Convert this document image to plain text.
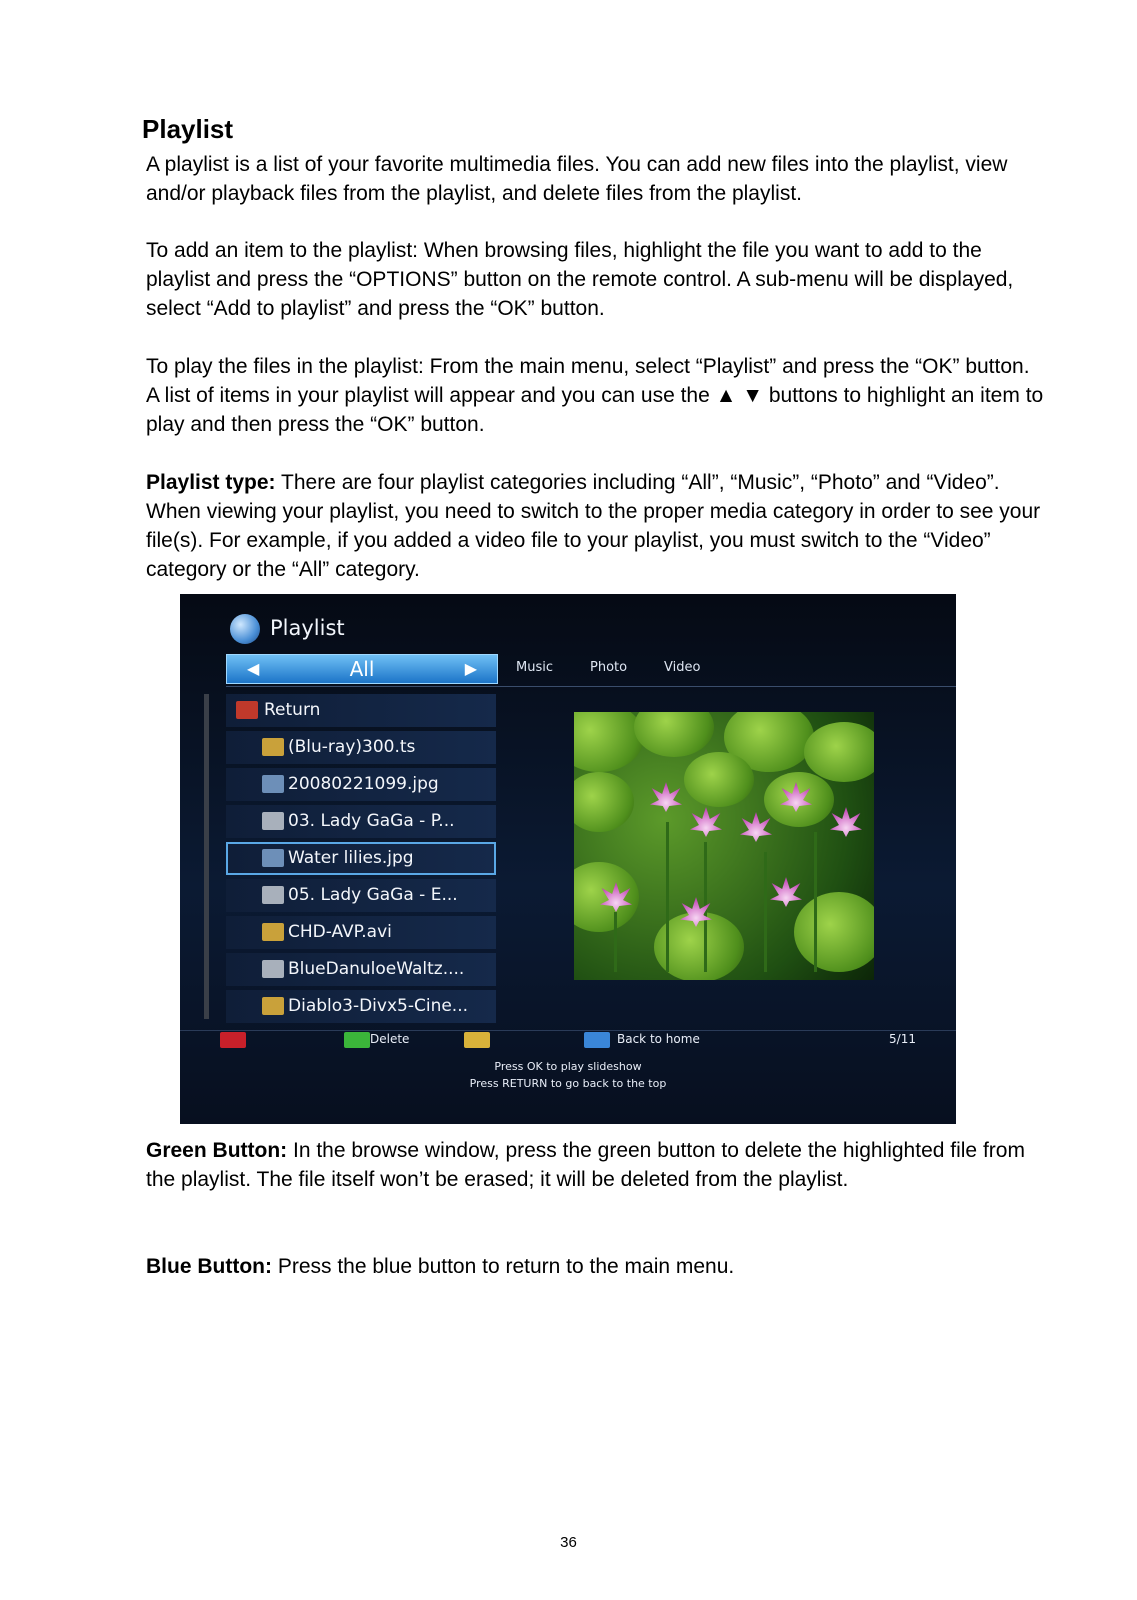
Playlist

A playlist is a list of your favorite multimedia files. You can add new files into the playlist, view and/or playback files from the playlist, and delete files from the playlist.

To add an item to the playlist: When browsing files, highlight the file you want to add to the playlist and press the “OPTIONS” button on the remote control. A sub-menu will be displayed, select “Add to playlist” and press the “OK” button.

To play the files in the playlist: From the main menu, select “Playlist” and press the “OK” button. A list of items in your playlist will appear and you can use the ▲ ▼ buttons to highlight an item to play and then press the “OK” button.

Playlist type: There are four playlist categories including “All”, “Music”, “Photo” and “Video”. When viewing your playlist, you need to switch to the proper media category in order to see your file(s). For example, if you added a video file to your playlist, you must switch to the “Video” category or the “All” category.

Playlist
◀	All	▶	Music	Photo	Video
Return
(Blu-ray)300.ts
20080221099.jpg
03. Lady GaGa - P...
Water lilies.jpg
05. Lady GaGa - E...
CHD-AVP.avi
BlueDanuloeWaltz....
Diablo3-Divx5-Cine...
Delete	Back to home	5/11
Press OK to play slideshow
Press RETURN to go back to the top

Green Button: In the browse window, press the green button to delete the highlighted file from the playlist. The file itself won’t be erased; it will be deleted from the playlist.

Blue Button: Press the blue button to return to the main menu.

36
